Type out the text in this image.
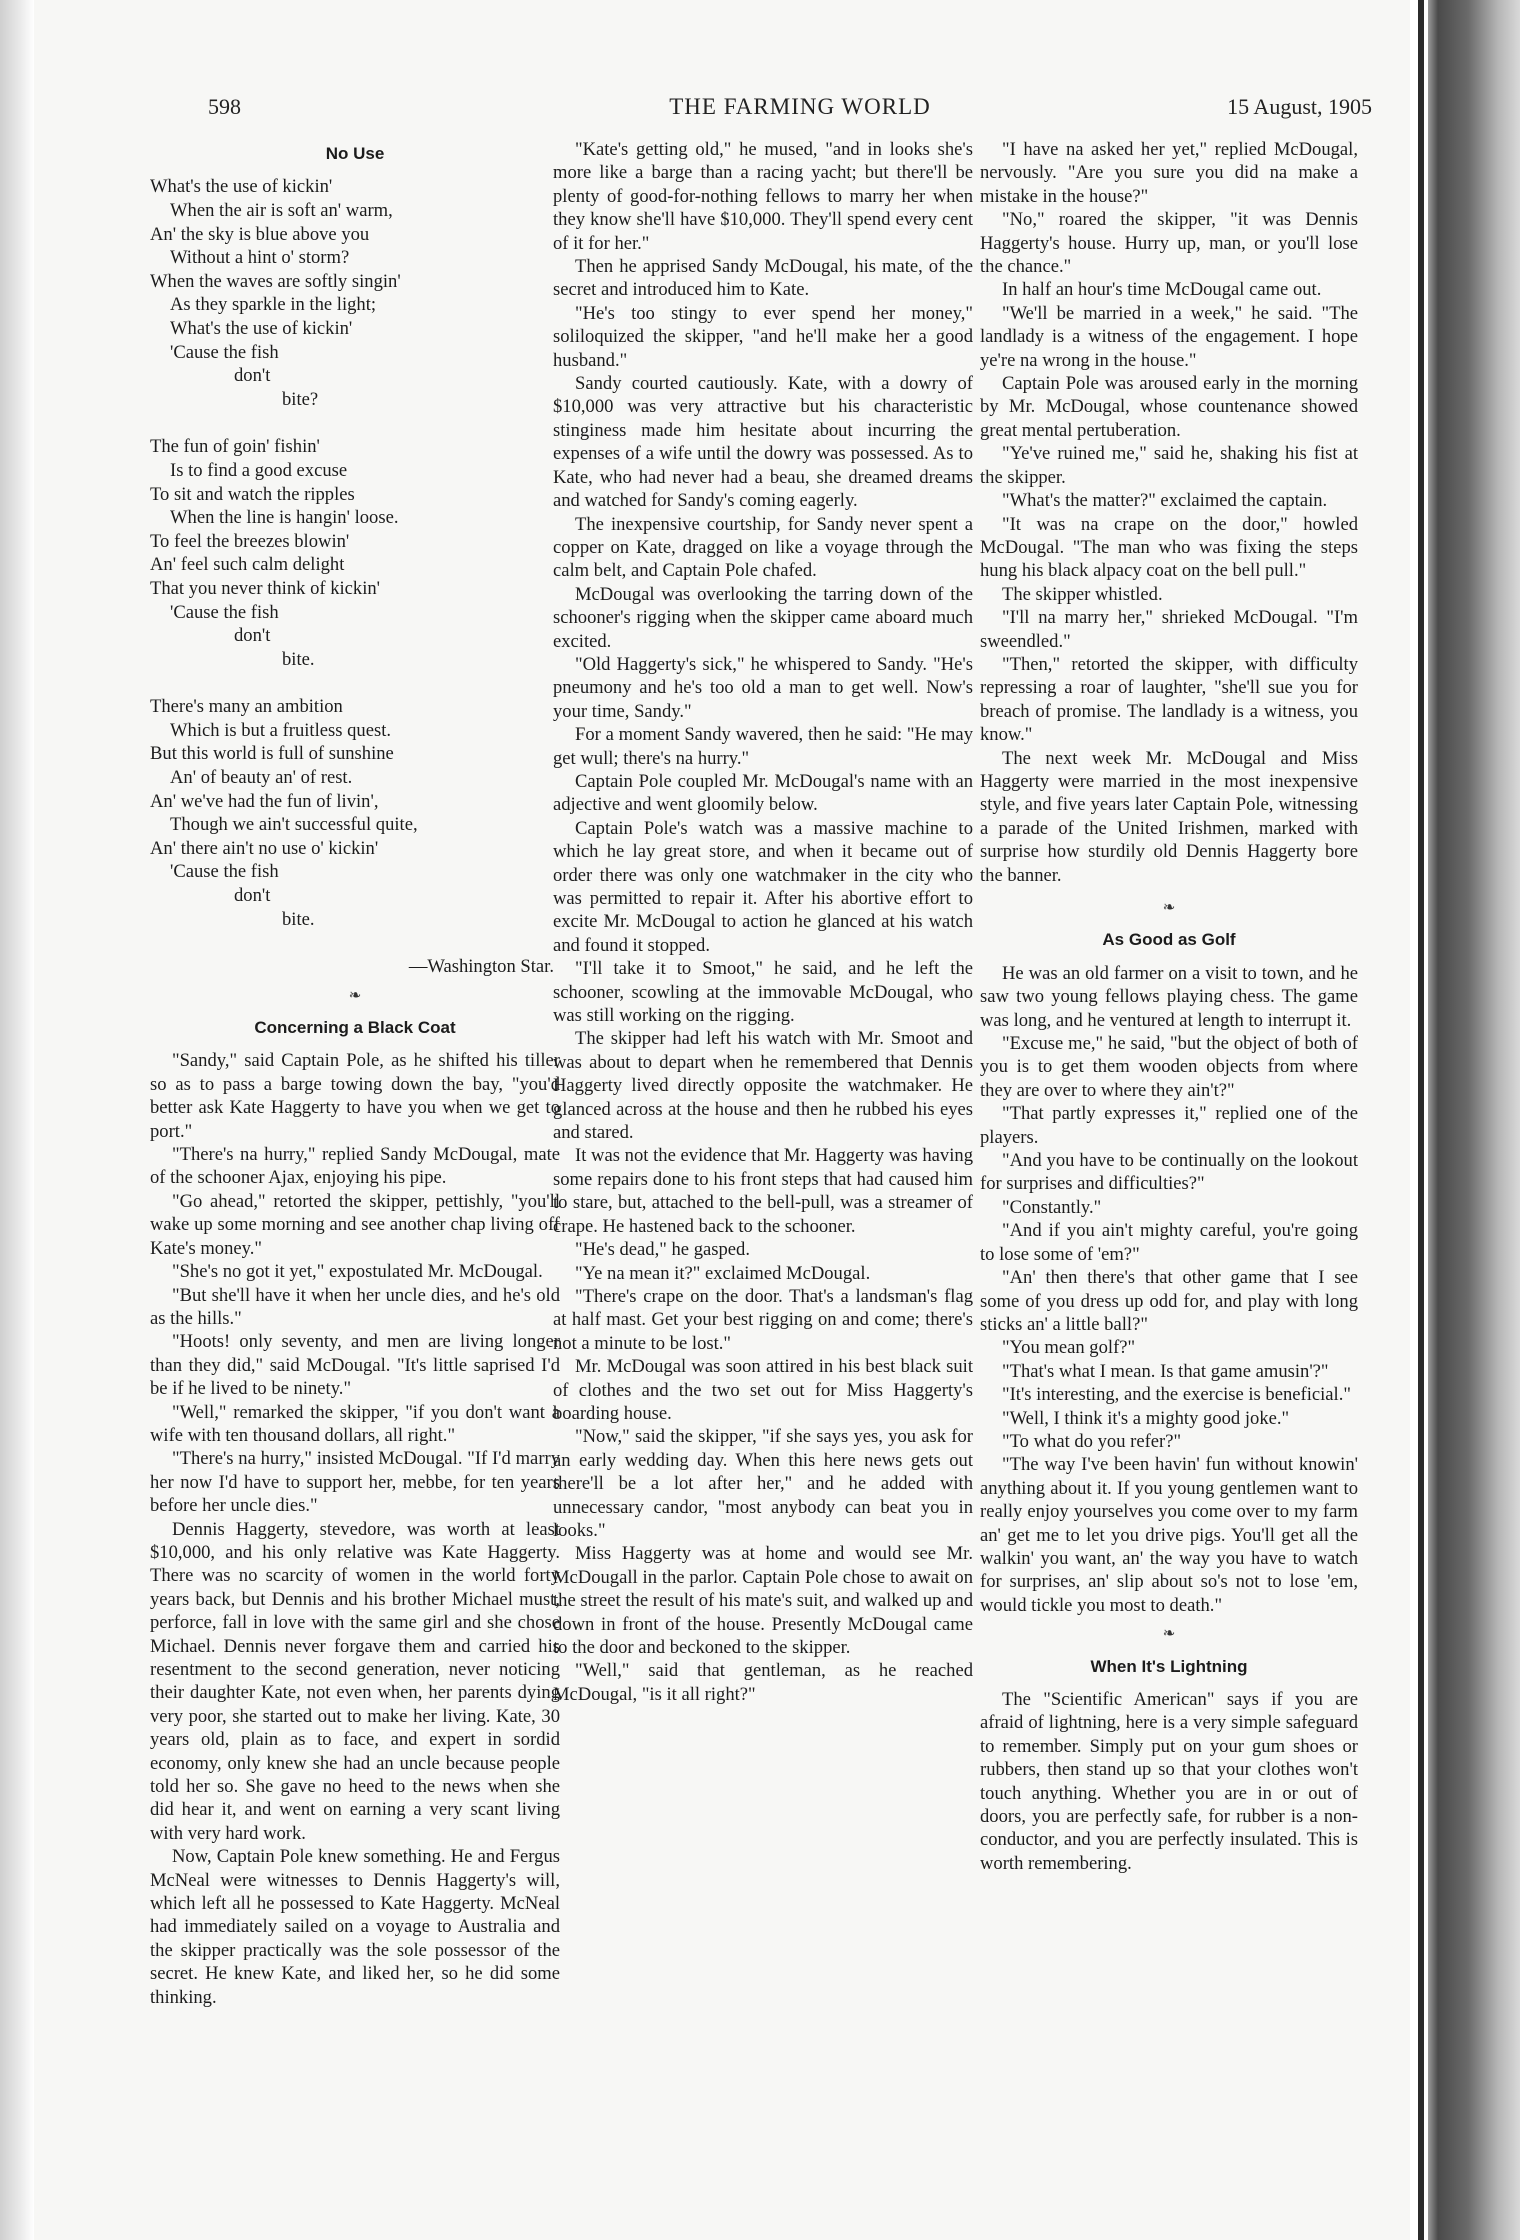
598	THE FARMING WORLD	15 August, 1905
No Use
What's the use of kickin'
When the air is soft an' warm,
An' the sky is blue above you
Without a hint o' storm?
When the waves are softly singin'
As they sparkle in the light;
What's the use of kickin'
'Cause the fish
don't
bite?
The fun of goin' fishin'
Is to find a good excuse
To sit and watch the ripples
When the line is hangin' loose.
To feel the breezes blowin'
An' feel such calm delight
That you never think of kickin'
'Cause the fish
don't
bite.
There's many an ambition
Which is but a fruitless quest.
But this world is full of sunshine
An' of beauty an' of rest.
An' we've had the fun of livin',
Though we ain't successful quite,
An' there ain't no use o' kickin'
'Cause the fish
don't
bite.
—Washington Star.
❧
Concerning a Black Coat

"Sandy," said Captain Pole, as he shifted his tiller so as to pass a barge towing down the bay, "you'd better ask Kate Haggerty to have you when we get to port."

"There's na hurry," replied Sandy McDougal, mate of the schooner Ajax, enjoying his pipe.

"Go ahead," retorted the skipper, pettishly, "you'll wake up some morning and see another chap living off Kate's money."

"She's no got it yet," expostulated Mr. McDougal.

"But she'll have it when her uncle dies, and he's old as the hills."

"Hoots! only seventy, and men are living longer than they did," said McDougal. "It's little saprised I'd be if he lived to be ninety."

"Well," remarked the skipper, "if you don't want a wife with ten thousand dollars, all right."

"There's na hurry," insisted McDougal. "If I'd marry her now I'd have to support her, mebbe, for ten years before her uncle dies."

Dennis Haggerty, stevedore, was worth at least $10,000, and his only relative was Kate Haggerty. There was no scarcity of women in the world forty years back, but Dennis and his brother Michael must, perforce, fall in love with the same girl and she chose Michael. Dennis never forgave them and carried his resentment to the second generation, never noticing their daughter Kate, not even when, her parents dying very poor, she started out to make her living. Kate, 30 years old, plain as to face, and expert in sordid economy, only knew she had an uncle because people told her so. She gave no heed to the news when she did hear it, and went on earning a very scant living with very hard work.

Now, Captain Pole knew something. He and Fergus McNeal were witnesses to Dennis Haggerty's will, which left all he possessed to Kate Haggerty. McNeal had immediately sailed on a voyage to Australia and the skipper practically was the sole possessor of the secret. He knew Kate, and liked her, so he did some thinking.

"Kate's getting old," he mused, "and in looks she's more like a barge than a racing yacht; but there'll be plenty of good-for-nothing fellows to marry her when they know she'll have $10,000. They'll spend every cent of it for her."

Then he apprised Sandy McDougal, his mate, of the secret and introduced him to Kate.

"He's too stingy to ever spend her money," soliloquized the skipper, "and he'll make her a good husband."

Sandy courted cautiously. Kate, with a dowry of $10,000 was very attractive but his characteristic stinginess made him hesitate about incurring the expenses of a wife until the dowry was possessed. As to Kate, who had never had a beau, she dreamed dreams and watched for Sandy's coming eagerly.

The inexpensive courtship, for Sandy never spent a copper on Kate, dragged on like a voyage through the calm belt, and Captain Pole chafed.

McDougal was overlooking the tarring down of the schooner's rigging when the skipper came aboard much excited.

"Old Haggerty's sick," he whispered to Sandy. "He's pneumony and he's too old a man to get well. Now's your time, Sandy."

For a moment Sandy wavered, then he said: "He may get wull; there's na hurry."

Captain Pole coupled Mr. McDougal's name with an adjective and went gloomily below.

Captain Pole's watch was a massive machine to which he lay great store, and when it became out of order there was only one watchmaker in the city who was permitted to repair it. After his abortive effort to excite Mr. McDougal to action he glanced at his watch and found it stopped.

"I'll take it to Smoot," he said, and he left the schooner, scowling at the immovable McDougal, who was still working on the rigging.

The skipper had left his watch with Mr. Smoot and was about to depart when he remembered that Dennis Haggerty lived directly opposite the watchmaker. He glanced across at the house and then he rubbed his eyes and stared.

It was not the evidence that Mr. Haggerty was having some repairs done to his front steps that had caused him to stare, but, attached to the bell-pull, was a streamer of crape. He hastened back to the schooner.

"He's dead," he gasped.

"Ye na mean it?" exclaimed McDougal.

"There's crape on the door. That's a landsman's flag at half mast. Get your best rigging on and come; there's not a minute to be lost."

Mr. McDougal was soon attired in his best black suit of clothes and the two set out for Miss Haggerty's boarding house.

"Now," said the skipper, "if she says yes, you ask for an early wedding day. When this here news gets out there'll be a lot after her," and he added with unnecessary candor, "most anybody can beat you in looks."

Miss Haggerty was at home and would see Mr. McDougall in the parlor. Captain Pole chose to await on the street the result of his mate's suit, and walked up and down in front of the house. Presently McDougal came to the door and beckoned to the skipper.

"Well," said that gentleman, as he reached McDougal, "is it all right?"

"I have na asked her yet," replied McDougal, nervously. "Are you sure you did na make a mistake in the house?"

"No," roared the skipper, "it was Dennis Haggerty's house. Hurry up, man, or you'll lose the chance."

In half an hour's time McDougal came out.

"We'll be married in a week," he said. "The landlady is a witness of the engagement. I hope ye're na wrong in the house."

Captain Pole was aroused early in the morning by Mr. McDougal, whose countenance showed great mental pertuberation.

"Ye've ruined me," said he, shaking his fist at the skipper.

"What's the matter?" exclaimed the captain.

"It was na crape on the door," howled McDougal. "The man who was fixing the steps hung his black alpacy coat on the bell pull."

The skipper whistled.

"I'll na marry her," shrieked McDougal. "I'm sweendled."

"Then," retorted the skipper, with difficulty repressing a roar of laughter, "she'll sue you for breach of promise. The landlady is a witness, you know."

The next week Mr. McDougal and Miss Haggerty were married in the most inexpensive style, and five years later Captain Pole, witnessing a parade of the United Irishmen, marked with surprise how sturdily old Dennis Haggerty bore the banner.

❧
As Good as Golf

He was an old farmer on a visit to town, and he saw two young fellows playing chess. The game was long, and he ventured at length to interrupt it.

"Excuse me," he said, "but the object of both of you is to get them wooden objects from where they are over to where they ain't?"

"That partly expresses it," replied one of the players.

"And you have to be continually on the lookout for surprises and difficulties?"

"Constantly."

"And if you ain't mighty careful, you're going to lose some of 'em?"

"An' then there's that other game that I see some of you dress up odd for, and play with long sticks an' a little ball?"

"You mean golf?"

"That's what I mean. Is that game amusin'?"

"It's interesting, and the exercise is beneficial."

"Well, I think it's a mighty good joke."

"To what do you refer?"

"The way I've been havin' fun without knowin' anything about it. If you young gentlemen want to really enjoy yourselves you come over to my farm an' get me to let you drive pigs. You'll get all the walkin' you want, an' the way you have to watch for surprises, an' slip about so's not to lose 'em, would tickle you most to death."

❧
When It's Lightning

The "Scientific American" says if you are afraid of lightning, here is a very simple safeguard to remember. Simply put on your gum shoes or rubbers, then stand up so that your clothes won't touch anything. Whether you are in or out of doors, you are perfectly safe, for rubber is a non-conductor, and you are perfectly insulated. This is worth remembering.
